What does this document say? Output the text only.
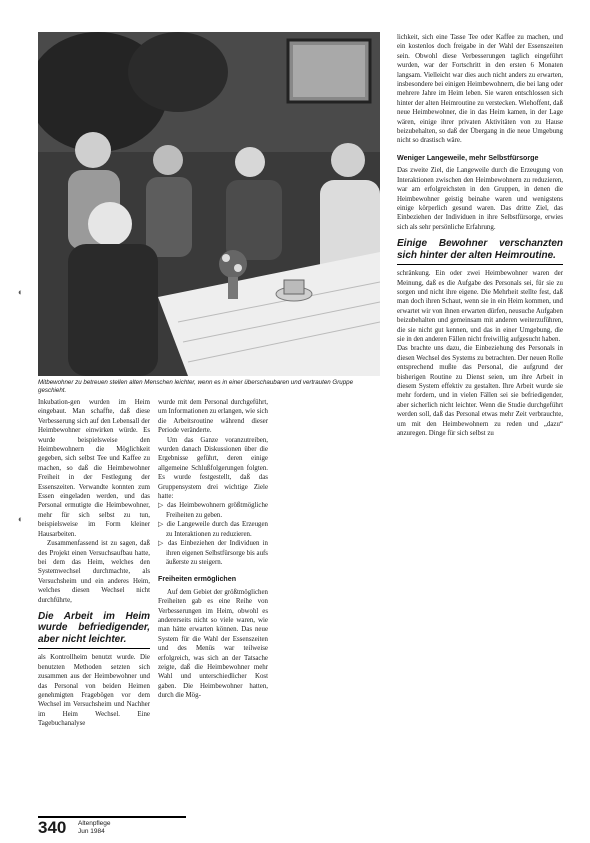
Mitbewohner zu betreuen stellen alten Menschen leichter, wenn es in einer überschaubaren und vertrauten Gruppe geschieht.

Inkubation-gen wurden im Heim eingebaut. Man schaffte, daß diese Verbesserung sich auf den Lebensall der Heimbewohner einwirken würde. Es wurde beispielsweise den Heimbewohnern die Möglichkeit gegeben, sich selbst Tee und Kaffee zu machen, so daß die Heimbewohner Freiheit in der Festlegung der Essenszeiten. Verwandte konnten zum Essen eingeladen werden, und das Personal ermutigte die Heimbewohner, mehr für sich selbst zu tun, beispielsweise im Form kleiner Hausarbeiten.

Zusammenfassend ist zu sagen, daß des Projekt einen Versuchsaufbau hatte, bei dem das Heim, welches den Systemwechsel durchmachte, als Versuchsheim und ein anderes Heim, welches diesen Wechsel nicht durchführte,

Die Arbeit im Heim wurde befriedigender, aber nicht leichter.

als Kontrollheim benutzt wurde. Die benutzten Methoden setzten sich zusammen aus der Heimbewohner und das Personal von beiden Heimen genehmigten Fragebögen vor dem Wechsel im Versuchsheim und Nachher im Heim Wechsel. Eine Tagebuchanalyse

wurde mit dem Personal durchgeführt, um Informationen zu erlangen, wie sich die Arbeitsroutine während dieser Periode veränderte.

Um das Ganze voranzutreiben, wurden danach Diskussionen über die Ergebnisse geführt, deren einige allgemeine Schlußfolgerungen folgten. Es wurde festgestellt, daß das Gruppensystem drei wichtige Ziele hatte:

▷ das Heimbewohnern größtmögliche Freiheiten zu geben.

▷ die Langeweile durch das Erzeugen zu Interaktionen zu reduzieren.

▷ das Einbeziehen der Individuen in ihren eigenen Selbstfürsorge bis aufs äußerste zu steigern.

Freiheiten ermöglichen

Auf dem Gebiet der größtmöglichen Freiheiten gab es eine Reihe von Verbesserungen im Heim, obwohl es andererseits nicht so viele waren, wie man hätte erwarten können. Das neue System für die Wahl der Essenszeiten und des Menüs war teilweise erfolgreich, was sich an der Tatsache zeigte, daß die Heimbewohner mehr Wahl und unterschiedlicher Kost gaben. Die Heimbewohner hatten, durch die Mög-

lichkeit, sich eine Tasse Tee oder Kaffee zu machen, und ein kostenlos doch freigabe in der Wahl der Essenszeiten sein. Obwohl diese Verbesserungen taglich eingeführt wurden, war der Fortschritt in den ersten 6 Monaten langsam. Vielleicht war dies auch nicht anders zu erwarten, insbesondere bei einigen Heimbewohnern, die bei lang oder mehrere Jahre im Heim leben. Sie waren entschlossen sich hinter der alten Heimroutine zu verstecken. Wiehoffent, daß neue Heimbewohner, die in das Heim kamen, in der Lage wären, einige ihrer privaten Aktivitäten von zu Hause beizubehalten, so daß der Übergang in die neue Umgebung nicht so drastisch wäre.

Weniger Langeweile, mehr Selbstfürsorge

Das zweite Ziel, die Langeweile durch die Erzeugung von Interaktionen zwischen den Heimbewohnern zu reduzieren, war am erfolgreichsten in den Gruppen, in denen die Heimbewohner geistig beinahe waren und wenigstens einige körperlich gesund waren. Das dritte Ziel, das Einbeziehen der Individuen in ihre Selbstfürsorge, erwies sich als sehr persönliche Erfahrung.

Einige Bewohner verschanzten sich hinter der alten Heimroutine.

schränkung. Ein oder zwei Heimbewohner waren der Meinung, daß es die Aufgabe des Personals sei, für sie zu sorgen und nicht ihre eigene. Die Mehrheit stellte fest, daß man doch ihren Schaut, wenn sie in ein Heim kommen, und erwartet wir von ihnen erwarten dürfen, neusuche Aufgaben beizubehalten und gemeinsam mit anderen weiterzuführen, die sie nicht gut kennen, und das in einer Umgebung, die sie in den anderen Fällen nicht freiwillig aufgesucht haben.

Das brachte uns dazu, die Einbeziehung des Personals in diesen Wechsel des Systems zu betrachten. Der neuen Rolle entsprechend mußte das Personal, die aufgrund der bisherigen Routine zu Dienst seien, um ihre Arbeit in diesem System effektiv zu gestalten. Ihre Arbeit wurde sie mehr fordern, und in vielen Fällen sei sie befriedigender, aber sicherlich nicht leichter. Wenn die Studie durchgeführt werden soll, daß das Personal etwas mehr Zeit verbrauchte, um mit den Heimbewohnern zu reden und „dazu“ anzuregen. Dinge für sich selbst zu

340 Altenpflege
Jun 1984
◐
◐
